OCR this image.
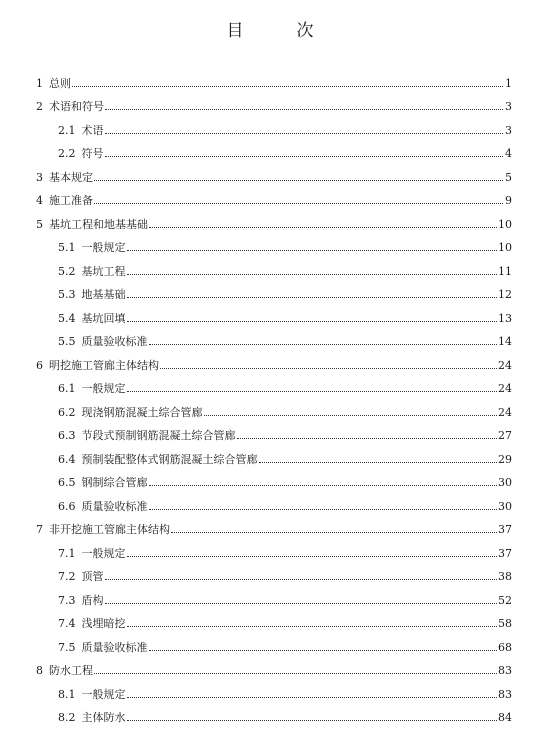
目　次
1 总则	1
2 术语和符号	3
2.1 术语	3
2.2 符号	4
3 基本规定	5
4 施工准备	9
5 基坑工程和地基基础	10
5.1 一般规定	10
5.2 基坑工程	11
5.3 地基基础	12
5.4 基坑回填	13
5.5 质量验收标准	14
6 明挖施工管廊主体结构	24
6.1 一般规定	24
6.2 现浇钢筋混凝土综合管廊	24
6.3 节段式预制钢筋混凝土综合管廊	27
6.4 预制装配整体式钢筋混凝土综合管廊	29
6.5 钢制综合管廊	30
6.6 质量验收标准	30
7 非开挖施工管廊主体结构	37
7.1 一般规定	37
7.2 顶管	38
7.3 盾构	52
7.4 浅埋暗挖	58
7.5 质量验收标准	68
8 防水工程	83
8.1 一般规定	83
8.2 主体防水	84
